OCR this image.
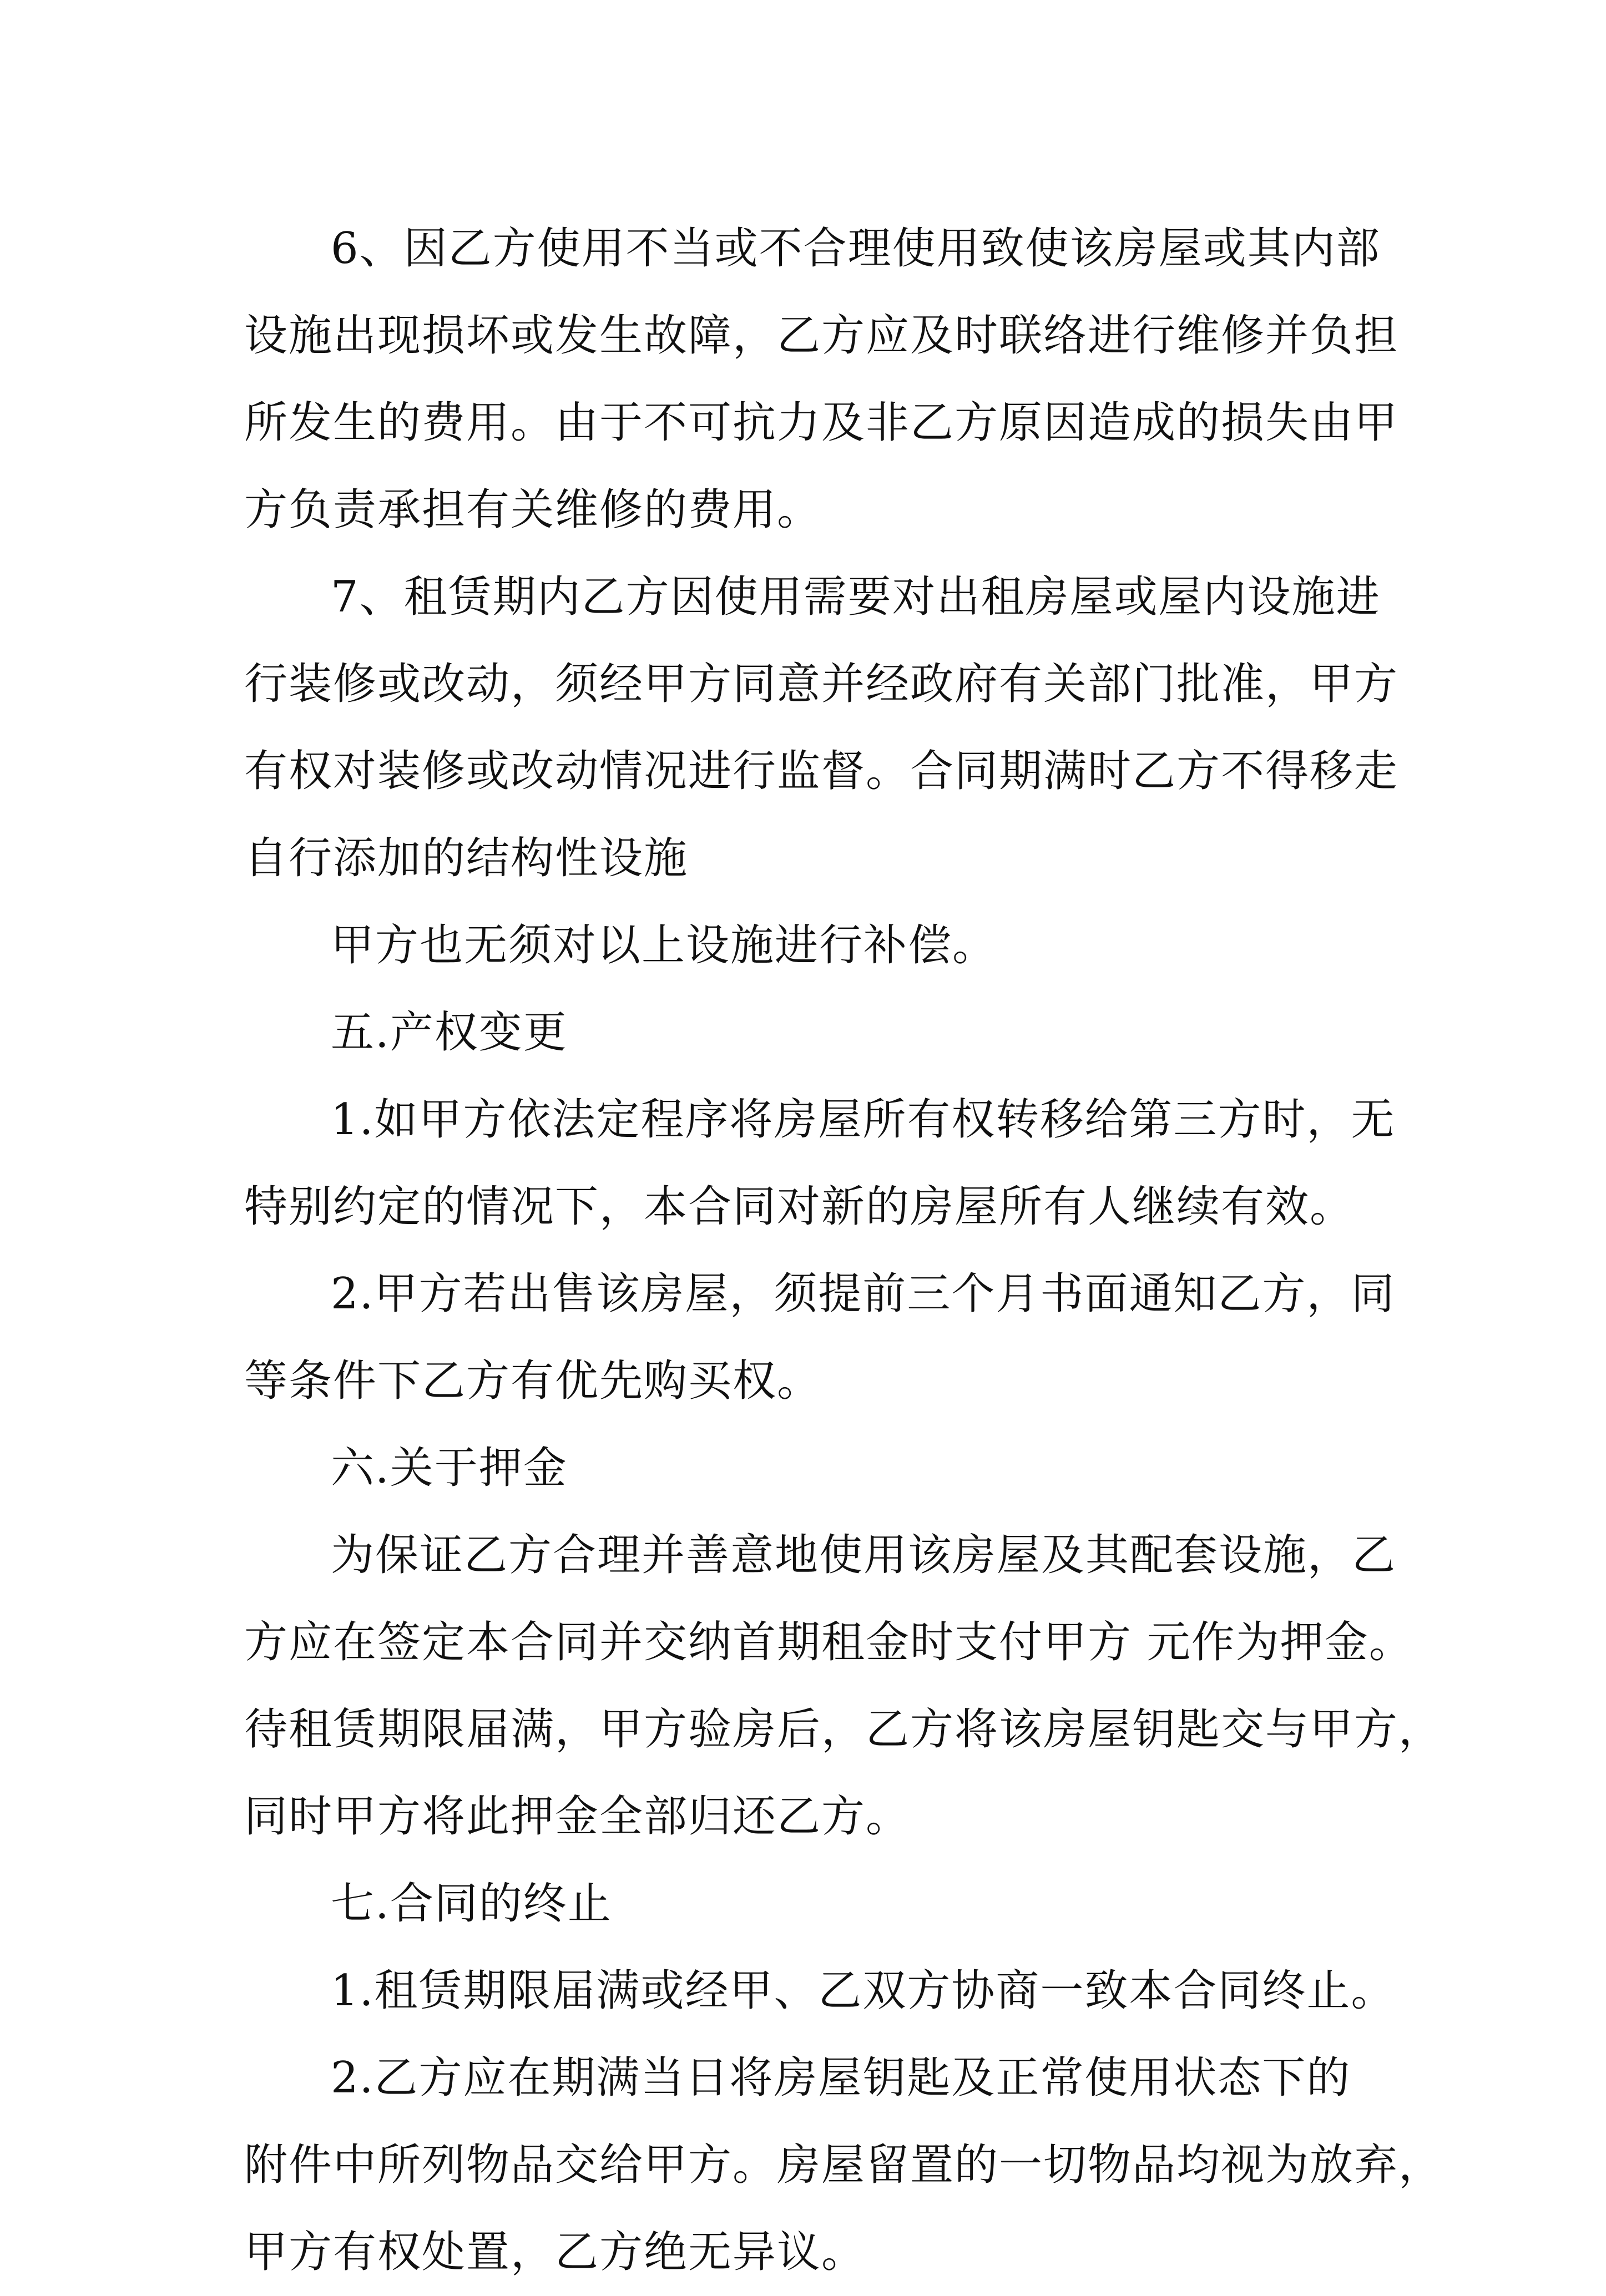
6、因乙方使用不当或不合理使用致使该房屋或其内部
设施出现损坏或发生故障，乙方应及时联络进行维修并负担
所发生的费用。由于不可抗力及非乙方原因造成的损失由甲
方负责承担有关维修的费用。
7、租赁期内乙方因使用需要对出租房屋或屋内设施进
行装修或改动，须经甲方同意并经政府有关部门批准，甲方
有权对装修或改动情况进行监督。合同期满时乙方不得移走
自行添加的结构性设施
甲方也无须对以上设施进行补偿。
五.产权变更
1.如甲方依法定程序将房屋所有权转移给第三方时，无
特别约定的情况下，本合同对新的房屋所有人继续有效。
2.甲方若出售该房屋，须提前三个月书面通知乙方，同
等条件下乙方有优先购买权。
六.关于押金
为保证乙方合理并善意地使用该房屋及其配套设施，乙
方应在签定本合同并交纳首期租金时支付甲方 元作为押金。
待租赁期限届满，甲方验房后，乙方将该房屋钥匙交与甲方，
同时甲方将此押金全部归还乙方。
七.合同的终止
1.租赁期限届满或经甲、乙双方协商一致本合同终止。
2.乙方应在期满当日将房屋钥匙及正常使用状态下的
附件中所列物品交给甲方。房屋留置的一切物品均视为放弃，
甲方有权处置，乙方绝无异议。
